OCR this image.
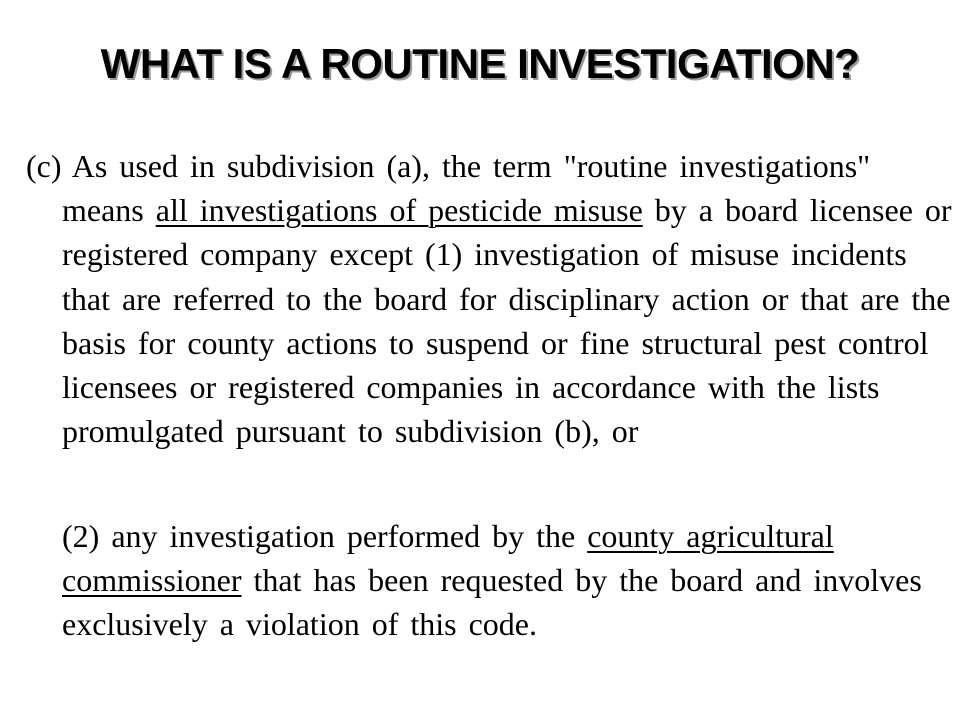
WHAT IS A ROUTINE INVESTIGATION?
(c) As used in subdivision (a), the term "routine investigations" means all investigations of pesticide misuse by a board licensee or registered company except (1) investigation of misuse incidents that are referred to the board for disciplinary action or that are the basis for county actions to suspend or fine structural pest control licensees or registered companies in accordance with the lists promulgated pursuant to subdivision (b), or
(2) any investigation performed by the county agricultural commissioner that has been requested by the board and involves exclusively a violation of this code.
